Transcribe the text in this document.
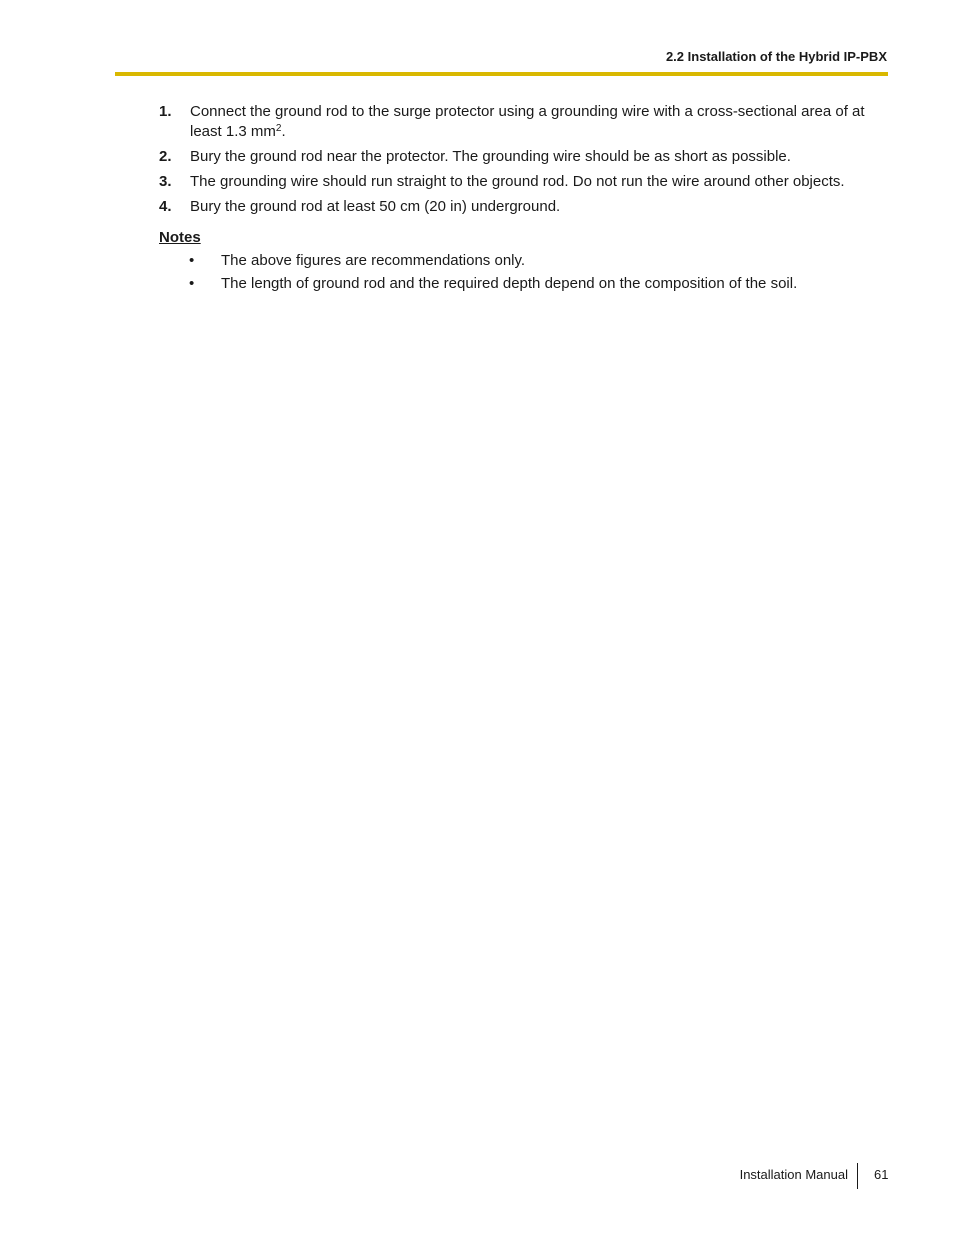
2.2 Installation of the Hybrid IP-PBX
1. Connect the ground rod to the surge protector using a grounding wire with a cross-sectional area of at least 1.3 $mm^2$.
2. Bury the ground rod near the protector. The grounding wire should be as short as possible.
3. The grounding wire should run straight to the ground rod. Do not run the wire around other objects.
4. Bury the ground rod at least 50 cm (20 in) underground.
Notes
• The above figures are recommendations only.
• The length of ground rod and the required depth depend on the composition of the soil.
Installation Manual 61
